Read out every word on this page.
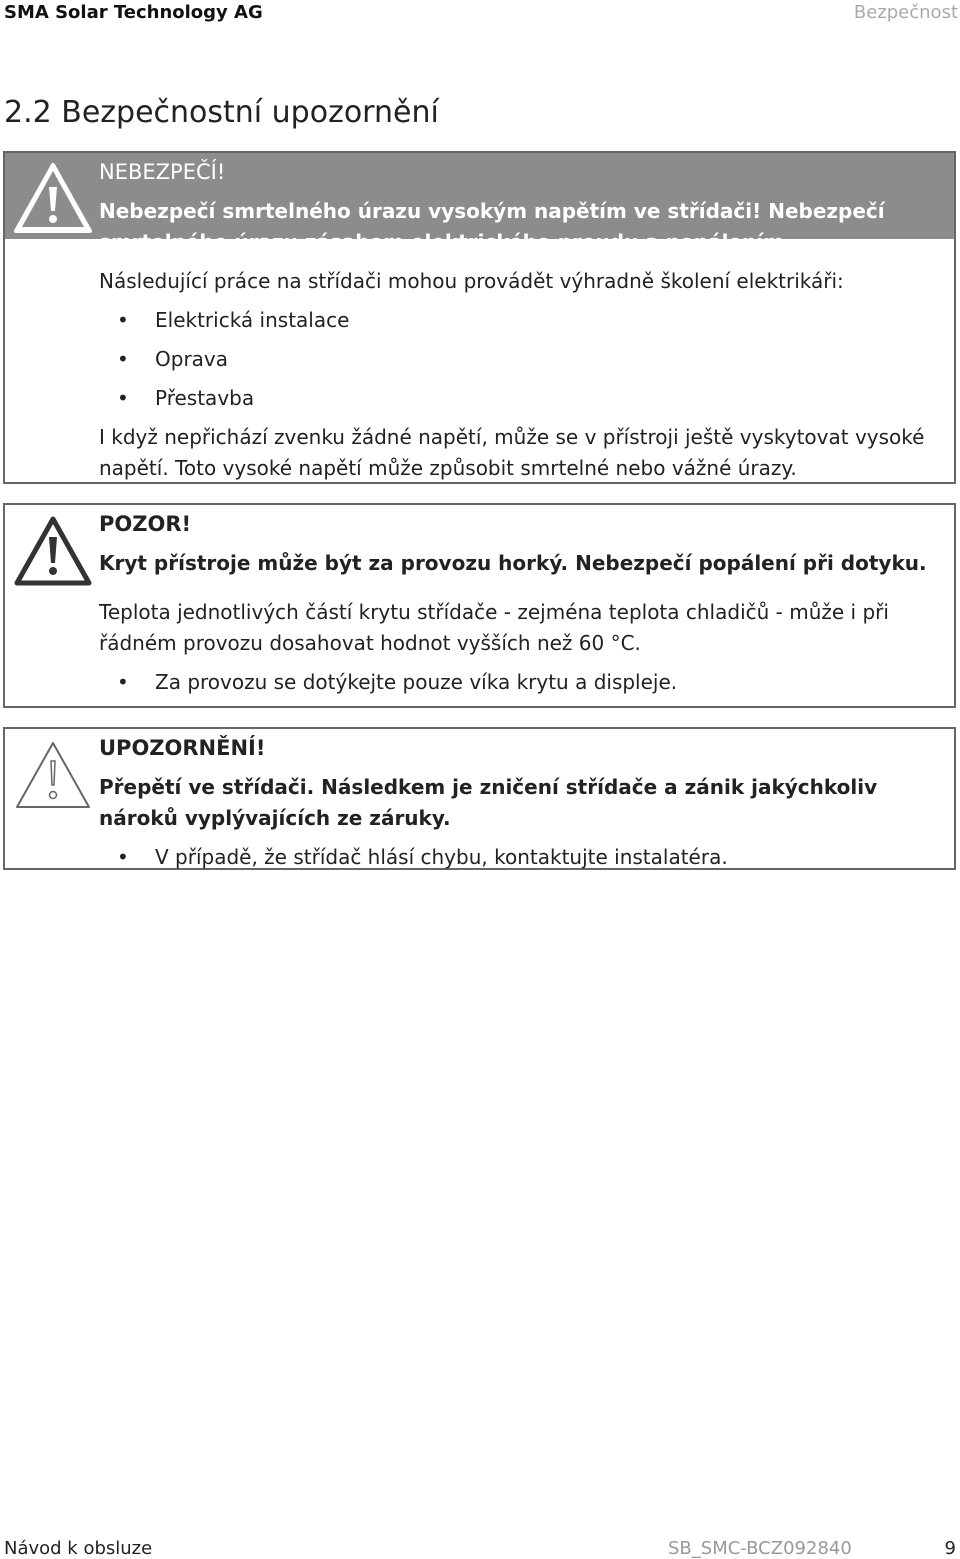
SMA Solar Technology AG	Bezpečnost
2.2 Bezpečnostní upozornění

NEBEZPEČÍ!

Nebezpečí smrtelného úrazu vysokým napětím ve střídači! Nebezpečí smrtelného úrazu zásahem elektrického proudu a popálením.

Následující práce na střídači mohou provádět výhradně školení elektrikáři:

• Elektrická instalace
• Oprava
• Přestavba

I když nepřichází zvenku žádné napětí, může se v přístroji ještě vyskytovat vysoké napětí. Toto vysoké napětí může způsobit smrtelné nebo vážné úrazy.

POZOR!

Kryt přístroje může být za provozu horký. Nebezpečí popálení při dotyku.

Teplota jednotlivých částí krytu střídače - zejména teplota chladičů - může i při řádném provozu dosahovat hodnot vyšších než 60 °C.

• Za provozu se dotýkejte pouze víka krytu a displeje.

UPOZORNĚNÍ!

Přepětí ve střídači. Následkem je zničení střídače a zánik jakýchkoliv nároků vyplývajících ze záruky.

• V případě, že střídač hlásí chybu, kontaktujte instalatéra.
Návod k obsluze	SB_SMC-BCZ092840	9
